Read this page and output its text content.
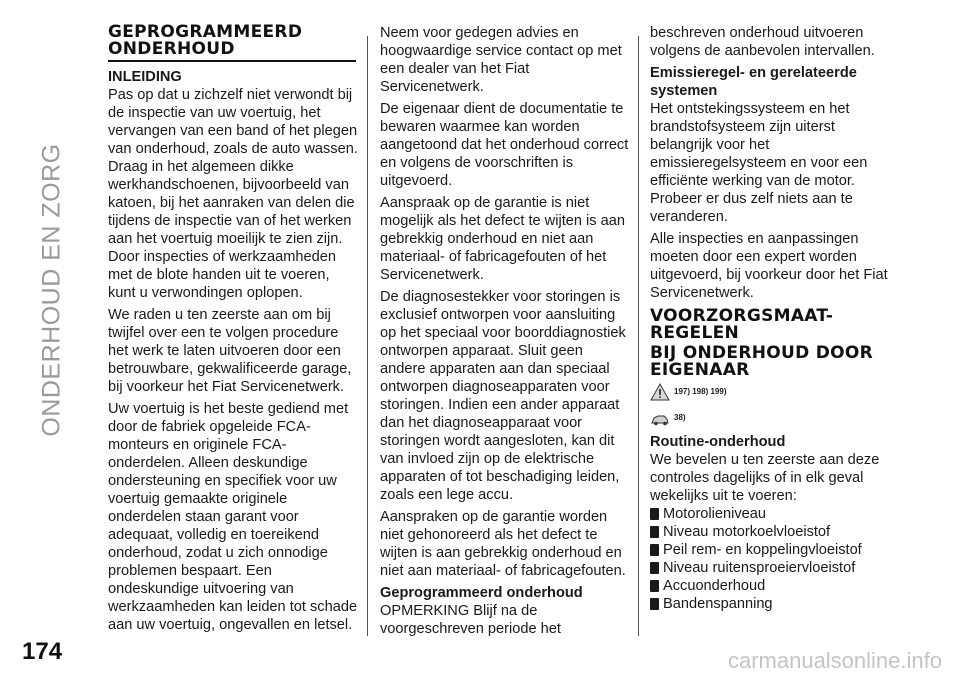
ONDERHOUD EN ZORG
174
GEPROGRAMMEERD
ONDERHOUD
INLEIDING

Pas op dat u zichzelf niet verwondt bij de inspectie van uw voertuig, het vervangen van een band of het plegen van onderhoud, zoals de auto wassen. Draag in het algemeen dikke werkhandschoenen, bijvoorbeeld van katoen, bij het aanraken van delen die tijdens de inspectie van of het werken aan het voertuig moeilijk te zien zijn. Door inspecties of werkzaamheden met de blote handen uit te voeren, kunt u verwondingen oplopen.

We raden u ten zeerste aan om bij twijfel over een te volgen procedure het werk te laten uitvoeren door een betrouwbare, gekwalificeerde garage, bij voorkeur het Fiat Servicenetwerk.

Uw voertuig is het beste gediend met door de fabriek opgeleide FCA-monteurs en originele FCA-onderdelen. Alleen deskundige ondersteuning en specifiek voor uw voertuig gemaakte originele onderdelen staan garant voor adequaat, volledig en toereikend onderhoud, zodat u zich onnodige problemen bespaart. Een ondeskundige uitvoering van werkzaamheden kan leiden tot schade aan uw voertuig, ongevallen en letsel.

Neem voor gedegen advies en hoogwaardige service contact op met een dealer van het Fiat Servicenetwerk.

De eigenaar dient de documentatie te bewaren waarmee kan worden aangetoond dat het onderhoud correct en volgens de voorschriften is uitgevoerd.

Aanspraak op de garantie is niet mogelijk als het defect te wijten is aan gebrekkig onderhoud en niet aan materiaal- of fabricagefouten of het Servicenetwerk.

De diagnosestekker voor storingen is exclusief ontworpen voor aansluiting op het speciaal voor boorddiagnostiek ontworpen apparaat. Sluit geen andere apparaten aan dan speciaal ontworpen diagnoseapparaten voor storingen. Indien een ander apparaat dan het diagnoseapparaat voor storingen wordt aangesloten, kan dit van invloed zijn op de elektrische apparaten of tot beschadiging leiden, zoals een lege accu.

Aanspraken op de garantie worden niet gehonoreerd als het defect te wijten is aan gebrekkig onderhoud en niet aan materiaal- of fabricagefouten.

Geprogrammeerd onderhoud

OPMERKING Blijf na de voorgeschreven periode het

beschreven onderhoud uitvoeren volgens de aanbevolen intervallen.

Emissieregel- en gerelateerde systemen

Het ontstekingssysteem en het brandstofsysteem zijn uiterst belangrijk voor het emissieregelsysteem en voor een efficiënte werking van de motor. Probeer er dus zelf niets aan te veranderen.

Alle inspecties en aanpassingen moeten door een expert worden uitgevoerd, bij voorkeur door het Fiat Servicenetwerk.

VOORZORGSMAAT-
REGELEN
BIJ ONDERHOUD DOOR
EIGENAAR
197) 198) 199)
38)
Routine-onderhoud

We bevelen u ten zeerste aan deze controles dagelijks of in elk geval wekelijks uit te voeren:

Motorolieniveau
Niveau motorkoelvloeistof
Peil rem- en koppelingvloeistof
Niveau ruitensproeiervloeistof
Accuonderhoud
Bandenspanning
carmanualsonline.info
